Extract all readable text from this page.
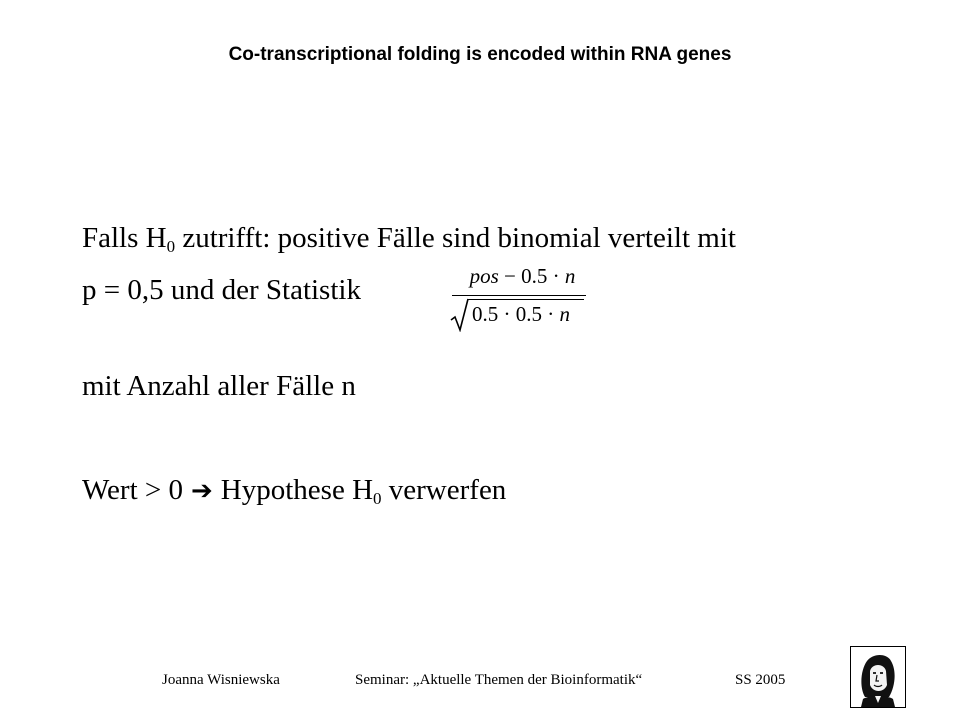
Co-transcriptional folding is encoded within RNA genes
Falls $H_0$ zutrifft: positive Fälle sind binomial verteilt mit
p = 0,5 und der Statistik	pos − 0.5 · n
0.5 · 0.5 · n
mit Anzahl aller Fälle n
Wert > 0 ➔ Hypothese $H_0$ verwerfen
Joanna Wisniewska	Seminar: „Aktuelle Themen der Bioinformatik“	SS 2005
